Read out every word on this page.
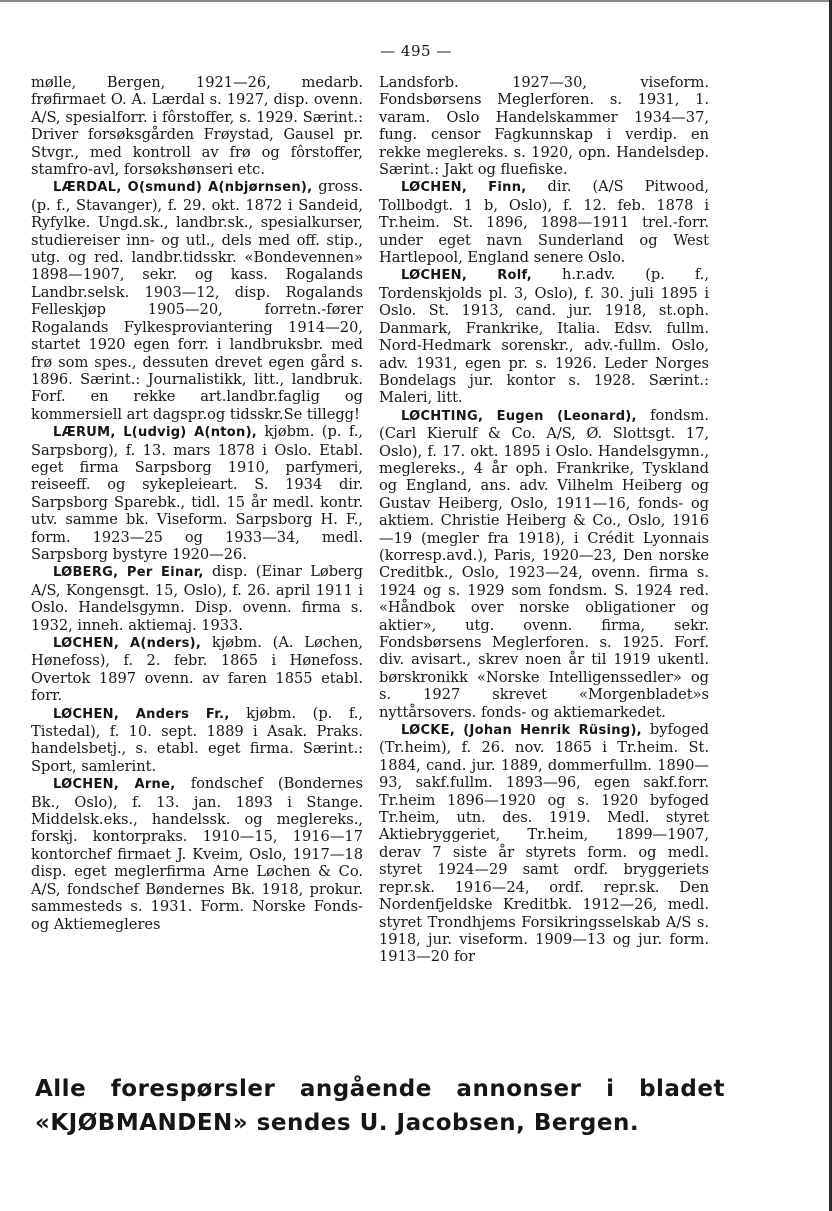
— 495 —

mølle, Bergen, 1921—26, medarb. frøfirmaet O. A. Lærdal s. 1927, disp. ovenn. A/S, spesialforr. i fôrstoffer, s. 1929. Særint.: Driver forsøksgården Frøystad, Gausel pr. Stvgr., med kontroll av frø og fôrstoffer, stamfro-avl, forsøkshønseri etc.

LÆRDAL, O(smund) A(nbjørnsen), gross. (p. f., Stavanger), f. 29. okt. 1872 i Sandeid, Ryfylke. Ungd.sk., landbr.sk., spesialkurser, studiereiser inn- og utl., dels med off. stip., utg. og red. landbr.tidsskr. «Bondevennen» 1898—1907, sekr. og kass. Rogalands Landbr.selsk. 1903—12, disp. Rogalands Felleskjøp 1905—20, forretn.-fører Rogalands Fylkesproviantering 1914—20, startet 1920 egen forr. i landbruksbr. med frø som spes., dessuten drevet egen gård s. 1896. Særint.: Journalistikk, litt., landbruk. Forf. en rekke art.landbr.faglig og kommersiell art dagspr.og tidsskr.Se tillegg!

LÆRUM, L(udvig) A(nton), kjøbm. (p. f., Sarpsborg), f. 13. mars 1878 i Oslo. Etabl. eget firma Sarpsborg 1910, parfymeri, reiseeff. og sykepleieart. S. 1934 dir. Sarpsborg Sparebk., tidl. 15 år medl. kontr. utv. samme bk. Viseform. Sarpsborg H. F., form. 1923—25 og 1933—34, medl. Sarpsborg bystyre 1920—26.

LØBERG, Per Einar, disp. (Einar Løberg A/S, Kongensgt. 15, Oslo), f. 26. april 1911 i Oslo. Handelsgymn. Disp. ovenn. firma s. 1932, inneh. aktiemaj. 1933.

LØCHEN, A(nders), kjøbm. (A. Løchen, Hønefoss), f. 2. febr. 1865 i Hønefoss. Overtok 1897 ovenn. av faren 1855 etabl. forr.

LØCHEN, Anders Fr., kjøbm. (p. f., Tistedal), f. 10. sept. 1889 i Asak. Praks. handelsbetj., s. etabl. eget firma. Særint.: Sport, samlerint.

LØCHEN, Arne, fondschef (Bondernes Bk., Oslo), f. 13. jan. 1893 i Stange. Middelsk.eks., handelssk. og meglereks., forskj. kontorpraks. 1910—15, 1916—17 kontorchef firmaet J. Kveim, Oslo, 1917—18 disp. eget meglerfirma Arne Løchen & Co. A/S, fondschef Bøndernes Bk. 1918, prokur. sammesteds s. 1931. Form. Norske Fonds- og Aktiemegleres

Landsforb. 1927—30, viseform. Fondsbørsens Meglerforen. s. 1931, 1. varam. Oslo Handelskammer 1934—37, fung. censor Fagkunnskap i verdip. en rekke meglereks. s. 1920, opn. Handelsdep. Særint.: Jakt og fluefiske.

LØCHEN, Finn, dir. (A/S Pitwood, Tollbodgt. 1 b, Oslo), f. 12. feb. 1878 i Tr.heim. St. 1896, 1898—1911 trel.-forr. under eget navn Sunderland og West Hartlepool, England senere Oslo.

LØCHEN, Rolf, h.r.adv. (p. f., Tordenskjolds pl. 3, Oslo), f. 30. juli 1895 i Oslo. St. 1913, cand. jur. 1918, st.oph. Danmark, Frankrike, Italia. Edsv. fullm. Nord-Hedmark sorenskr., adv.-fullm. Oslo, adv. 1931, egen pr. s. 1926. Leder Norges Bondelags jur. kontor s. 1928. Særint.: Maleri, litt.

LØCHTING, Eugen (Leonard), fondsm. (Carl Kierulf & Co. A/S, Ø. Slottsgt. 17, Oslo), f. 17. okt. 1895 i Oslo. Handelsgymn., meglereks., 4 år oph. Frankrike, Tyskland og England, ans. adv. Vilhelm Heiberg og Gustav Heiberg, Oslo, 1911—16, fonds- og aktiem. Christie Heiberg & Co., Oslo, 1916—19 (megler fra 1918), i Crédit Lyonnais (korresp.avd.), Paris, 1920—23, Den norske Creditbk., Oslo, 1923—24, ovenn. firma s. 1924 og s. 1929 som fondsm. S. 1924 red. «Håndbok over norske obligationer og aktier», utg. ovenn. firma, sekr. Fondsbørsens Meglerforen. s. 1925. Forf. div. avisart., skrev noen år til 1919 ukentl. børskronikk «Norske Intelligenssedler» og s. 1927 skrevet «Morgenbladet»s nyttårsovers. fonds- og aktiemarkedet.

LØCKE, (Johan Henrik Rüsing), byfoged (Tr.heim), f. 26. nov. 1865 i Tr.heim. St. 1884, cand. jur. 1889, dommerfullm. 1890—93, sakf.fullm. 1893—96, egen sakf.forr. Tr.heim 1896—1920 og s. 1920 byfoged Tr.heim, utn. des. 1919. Medl. styret Aktiebryggeriet, Tr.heim, 1899—1907, derav 7 siste år styrets form. og medl. styret 1924—29 samt ordf. bryggeriets repr.sk. 1916—24, ordf. repr.sk. Den Nordenfjeldske Kreditbk. 1912—26, medl. styret Trondhjems Forsikringsselskab A/S s. 1918, jur. viseform. 1909—13 og jur. form. 1913—20 for

Alle forespørsler angående annonser i bladet «KJØBMANDEN» sendes U. Jacobsen, Bergen.
